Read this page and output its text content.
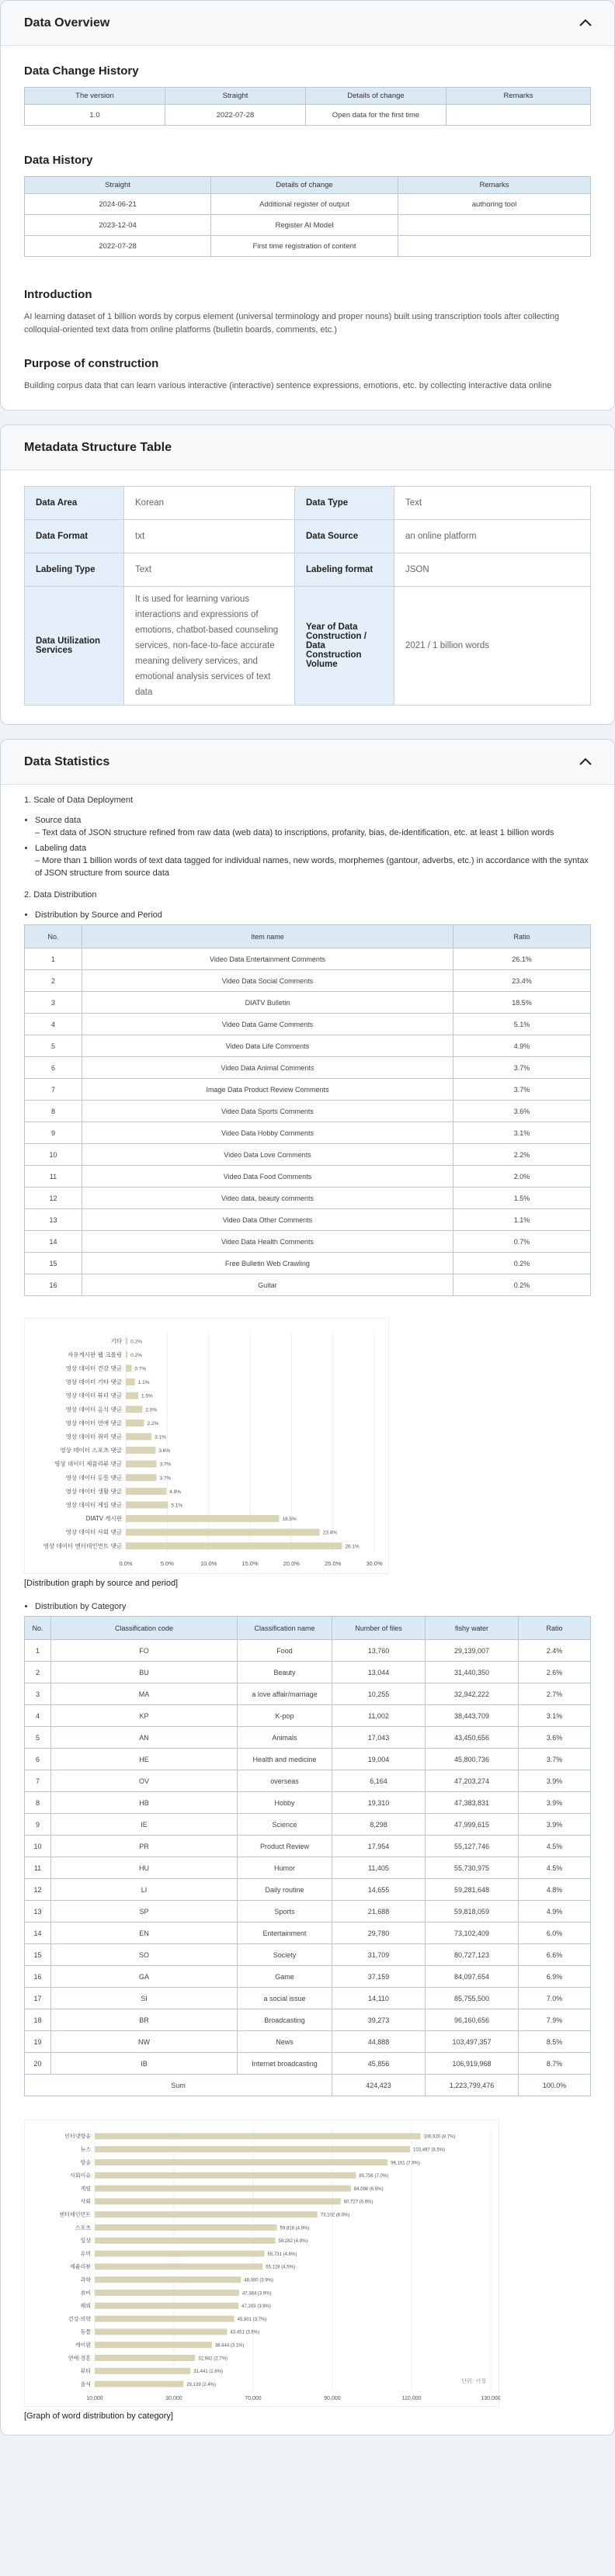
Data Overview
Data Change History
The version	Straight	Details of change	Remarks
1.0	2022-07-28	Open data for the first time	
Data History
Straight	Details of change	Remarks
2024-06-21	Additional register of output	authoring tool
2023-12-04	Register AI Model	
2022-07-28	First time registration of content	
Introduction

AI learning dataset of 1 billion words by corpus element (universal terminology and proper nouns) built using transcription tools after collecting colloquial-oriented text data from online platforms (bulletin boards, comments, etc.)

Purpose of construction

Building corpus data that can learn various interactive (interactive) sentence expressions, emotions, etc. by collecting interactive data online

Metadata Structure Table
Data Area	Korean	Data Type	Text
Data Format	txt	Data Source	an online platform
Labeling Type	Text	Labeling format	JSON
Data Utilization Services	It is used for learning various interactions and expressions of emotions, chatbot-based counseling services, non-face-to-face accurate meaning delivery services, and emotional analysis services of text data	Year of Data Construction / Data Construction Volume	2021 / 1 billion words
Data Statistics
1. Scale of Data Deployment
• Source data
– Text data of JSON structure refined from raw data (web data) to inscriptions, profanity, bias, de-identification, etc. at least 1 billion words
• Labeling data
– More than 1 billion words of text data tagged for individual names, new words, morphemes (gantour, adverbs, etc.) in accordance with the syntax of JSON structure from source data
2. Data Distribution
• Distribution by Source and Period
No.	Item name	Ratio
1	Video Data Entertainment Comments	26.1%
2	Video Data Social Comments	23.4%
3	DIATV Bulletin	18.5%
4	Video Data Game Comments	5.1%
5	Video Data Life Comments	4.9%
6	Video Data Animal Comments	3.7%
7	Image Data Product Review Comments	3.7%
8	Video Data Sports Comments	3.6%
9	Video Data Hobby Comments	3.1%
10	Video Data Love Comments	2.2%
11	Video Data Food Comments	2.0%
12	Video data, beauty comments	1.5%
13	Video Data Other Comments	1.1%
14	Video Data Health Comments	0.7%
15	Free Bulletin Web Crawling	0.2%
16	Guitar	0.2%
0.0%	5.0%	10.0%	15.0%	20.0%	25.0%	30.0%
기타 0.2%
자유게시판 웹 크롤링 0.2%
영상 데이터 건강 댓글	0.7%
영상 데이터 기타 댓글	1.1%
영상 데이터 뷰티 댓글	1.5%
영상 데이터 음식 댓글	2.0%
영상 데이터 연애 댓글	2.2%
영상 데이터 취미 댓글	3.1%
영상 데이터 스포츠 댓글	3.6%
영상 데이터 제품리뷰 댓글	3.7%
영상 데이터 동물 댓글	3.7%
영상 데이터 생활 댓글	4.9%
영상 데이터 게임 댓글	5.1%
DIATV 게시판	18.5%
영상 데이터 사회 댓글	23.4%
영상 데이터 엔터테인먼트 댓글	26.1%
[Distribution graph by source and period]
• Distribution by Category
No.	Classification code	Classification name	Number of files	fishy water	Ratio
1	FO	Food	13,760	29,139,007	2.4%
2	BU	Beauty	13,044	31,440,350	2.6%
3	MA	a love affair/marriage	10,255	32,942,222	2.7%
4	KP	K-pop	11,002	38,443,709	3.1%
5	AN	Animals	17,043	43,450,656	3.6%
6	HE	Health and medicine	19,004	45,800,736	3.7%
7	OV	overseas	6,164	47,203,274	3.9%
8	HB	Hobby	19,310	47,383,831	3.9%
9	IE	Science	8,298	47,999,615	3.9%
10	PR	Product Review	17,954	55,127,746	4.5%
11	HU	Humor	11,405	55,730,975	4.5%
12	LI	Daily routine	14,655	59,281,648	4.8%
13	SP	Sports	21,688	59,818,059	4.9%
14	EN	Entertainment	29,780	73,102,409	6.0%
15	SO	Society	31,709	80,727,123	6.6%
16	GA	Game	37,159	84,097,654	6.9%
17	SI	a social issue	14,110	85,755,500	7.0%
18	BR	Broadcasting	39,273	96,160,656	7.9%
19	NW	News	44,888	103,497,357	8.5%
20	IB	Internet broadcasting	45,856	106,919,968	8.7%
Sum			424,423	1,223,799,476	100.0%
10,000	30,000	70,000	90,000	110,000	130,000
인터넷방송	106,920 (8.7%)
뉴스	103,497 (8.5%)
방송	96,161 (7.9%)
사회이슈	85,756 (7.0%)
게임	84,098 (6.9%)
사회	80,727 (6.6%)
엔터테인먼트	73,102 (6.0%)
스포츠	59,818 (4.9%)
일상	59,282 (4.8%)
유머	55,731 (4.6%)
제품리뷰	55,128 (4.5%)
과학	48,000 (3.9%)
취미	47,384 (3.9%)
해외	47,203 (3.9%)
건강·의학	45,801 (3.7%)
동물	43,451 (3.6%)
케이팝	38,444 (3.1%)
연애·결혼	32,942 (2.7%)
뷰티	31,441 (2.6%)
음식	29,139 (2.4%)
단위: 어절
[Graph of word distribution by category]
